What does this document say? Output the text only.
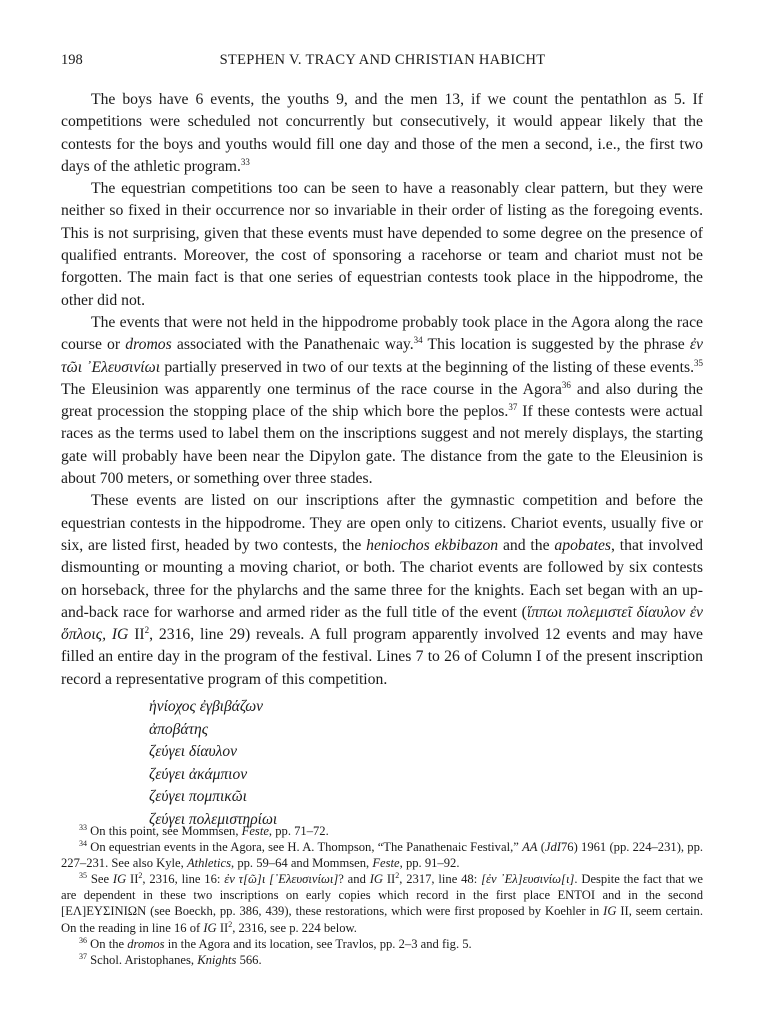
198	STEPHEN V. TRACY AND CHRISTIAN HABICHT

The boys have 6 events, the youths 9, and the men 13, if we count the pentathlon as 5. If competitions were scheduled not concurrently but consecutively, it would appear likely that the contests for the boys and youths would fill one day and those of the men a second, i.e., the first two days of the athletic program.$^{33}$

The equestrian competitions too can be seen to have a reasonably clear pattern, but they were neither so fixed in their occurrence nor so invariable in their order of listing as the foregoing events. This is not surprising, given that these events must have depended to some degree on the presence of qualified entrants. Moreover, the cost of sponsoring a racehorse or team and chariot must not be forgotten. The main fact is that one series of equestrian contests took place in the hippodrome, the other did not.

The events that were not held in the hippodrome probably took place in the Agora along the race course or dromos associated with the Panathenaic way.$^{34}$ This location is suggested by the phrase ἐν τῶι ᾿Ελευσινίωι partially preserved in two of our texts at the beginning of the listing of these events.$^{35}$ The Eleusinion was apparently one terminus of the race course in the Agora$^{36}$ and also during the great procession the stopping place of the ship which bore the peplos.$^{37}$ If these contests were actual races as the terms used to label them on the inscriptions suggest and not merely displays, the starting gate will probably have been near the Dipylon gate. The distance from the gate to the Eleusinion is about 700 meters, or something over three stades.

These events are listed on our inscriptions after the gymnastic competition and before the equestrian contests in the hippodrome. They are open only to citizens. Chariot events, usually five or six, are listed first, headed by two contests, the heniochos ekbibazon and the apobates, that involved dismounting or mounting a moving chariot, or both. The chariot events are followed by six contests on horseback, three for the phylarchs and the same three for the knights. Each set began with an up-and-back race for warhorse and armed rider as the full title of the event (ἵππωι πολεμιστεῖ δίαυλον ἐν ὅπλοις, IG $II^2$, 2316, line 29) reveals. A full program apparently involved 12 events and may have filled an entire day in the program of the festival. Lines 7 to 26 of Column I of the present inscription record a representative program of this competition.

ἡνίοχος ἐγβιβάζων
ἀποβάτης
ζεύγει δίαυλον
ζεύγει ἀκάμπιον
ζεύγει πομπικῶι
ζεύγει πολεμιστηρίωι

$^{33}$ On this point, see Mommsen, Feste, pp. 71–72.

$^{34}$ On equestrian events in the Agora, see H. A. Thompson, “The Panathenaic Festival,” AA (JdI76) 1961 (pp. 224–231), pp. 227–231. See also Kyle, Athletics, pp. 59–64 and Mommsen, Feste, pp. 91–92.

$^{35}$ See IG $II^2$, 2316, line 16: ἐν τ[ῶ]ι [᾿Ελευσινίωι]? and IG $II^2$, 2317, line 48: [ἐν ᾿Ελ]ευσινίω[ι]. Despite the fact that we are dependent in these two inscriptions on early copies which record in the first place ΕΝΤΟΙ and in the second [ΕΛ]ΕΥΣΙΝΙΩΝ (see Boeckh, pp. 386, 439), these restorations, which were first proposed by Koehler in IG II, seem certain. On the reading in line 16 of IG $II^2$, 2316, see p. 224 below.

$^{36}$ On the dromos in the Agora and its location, see Travlos, pp. 2–3 and fig. 5.

$^{37}$ Schol. Aristophanes, Knights 566.
